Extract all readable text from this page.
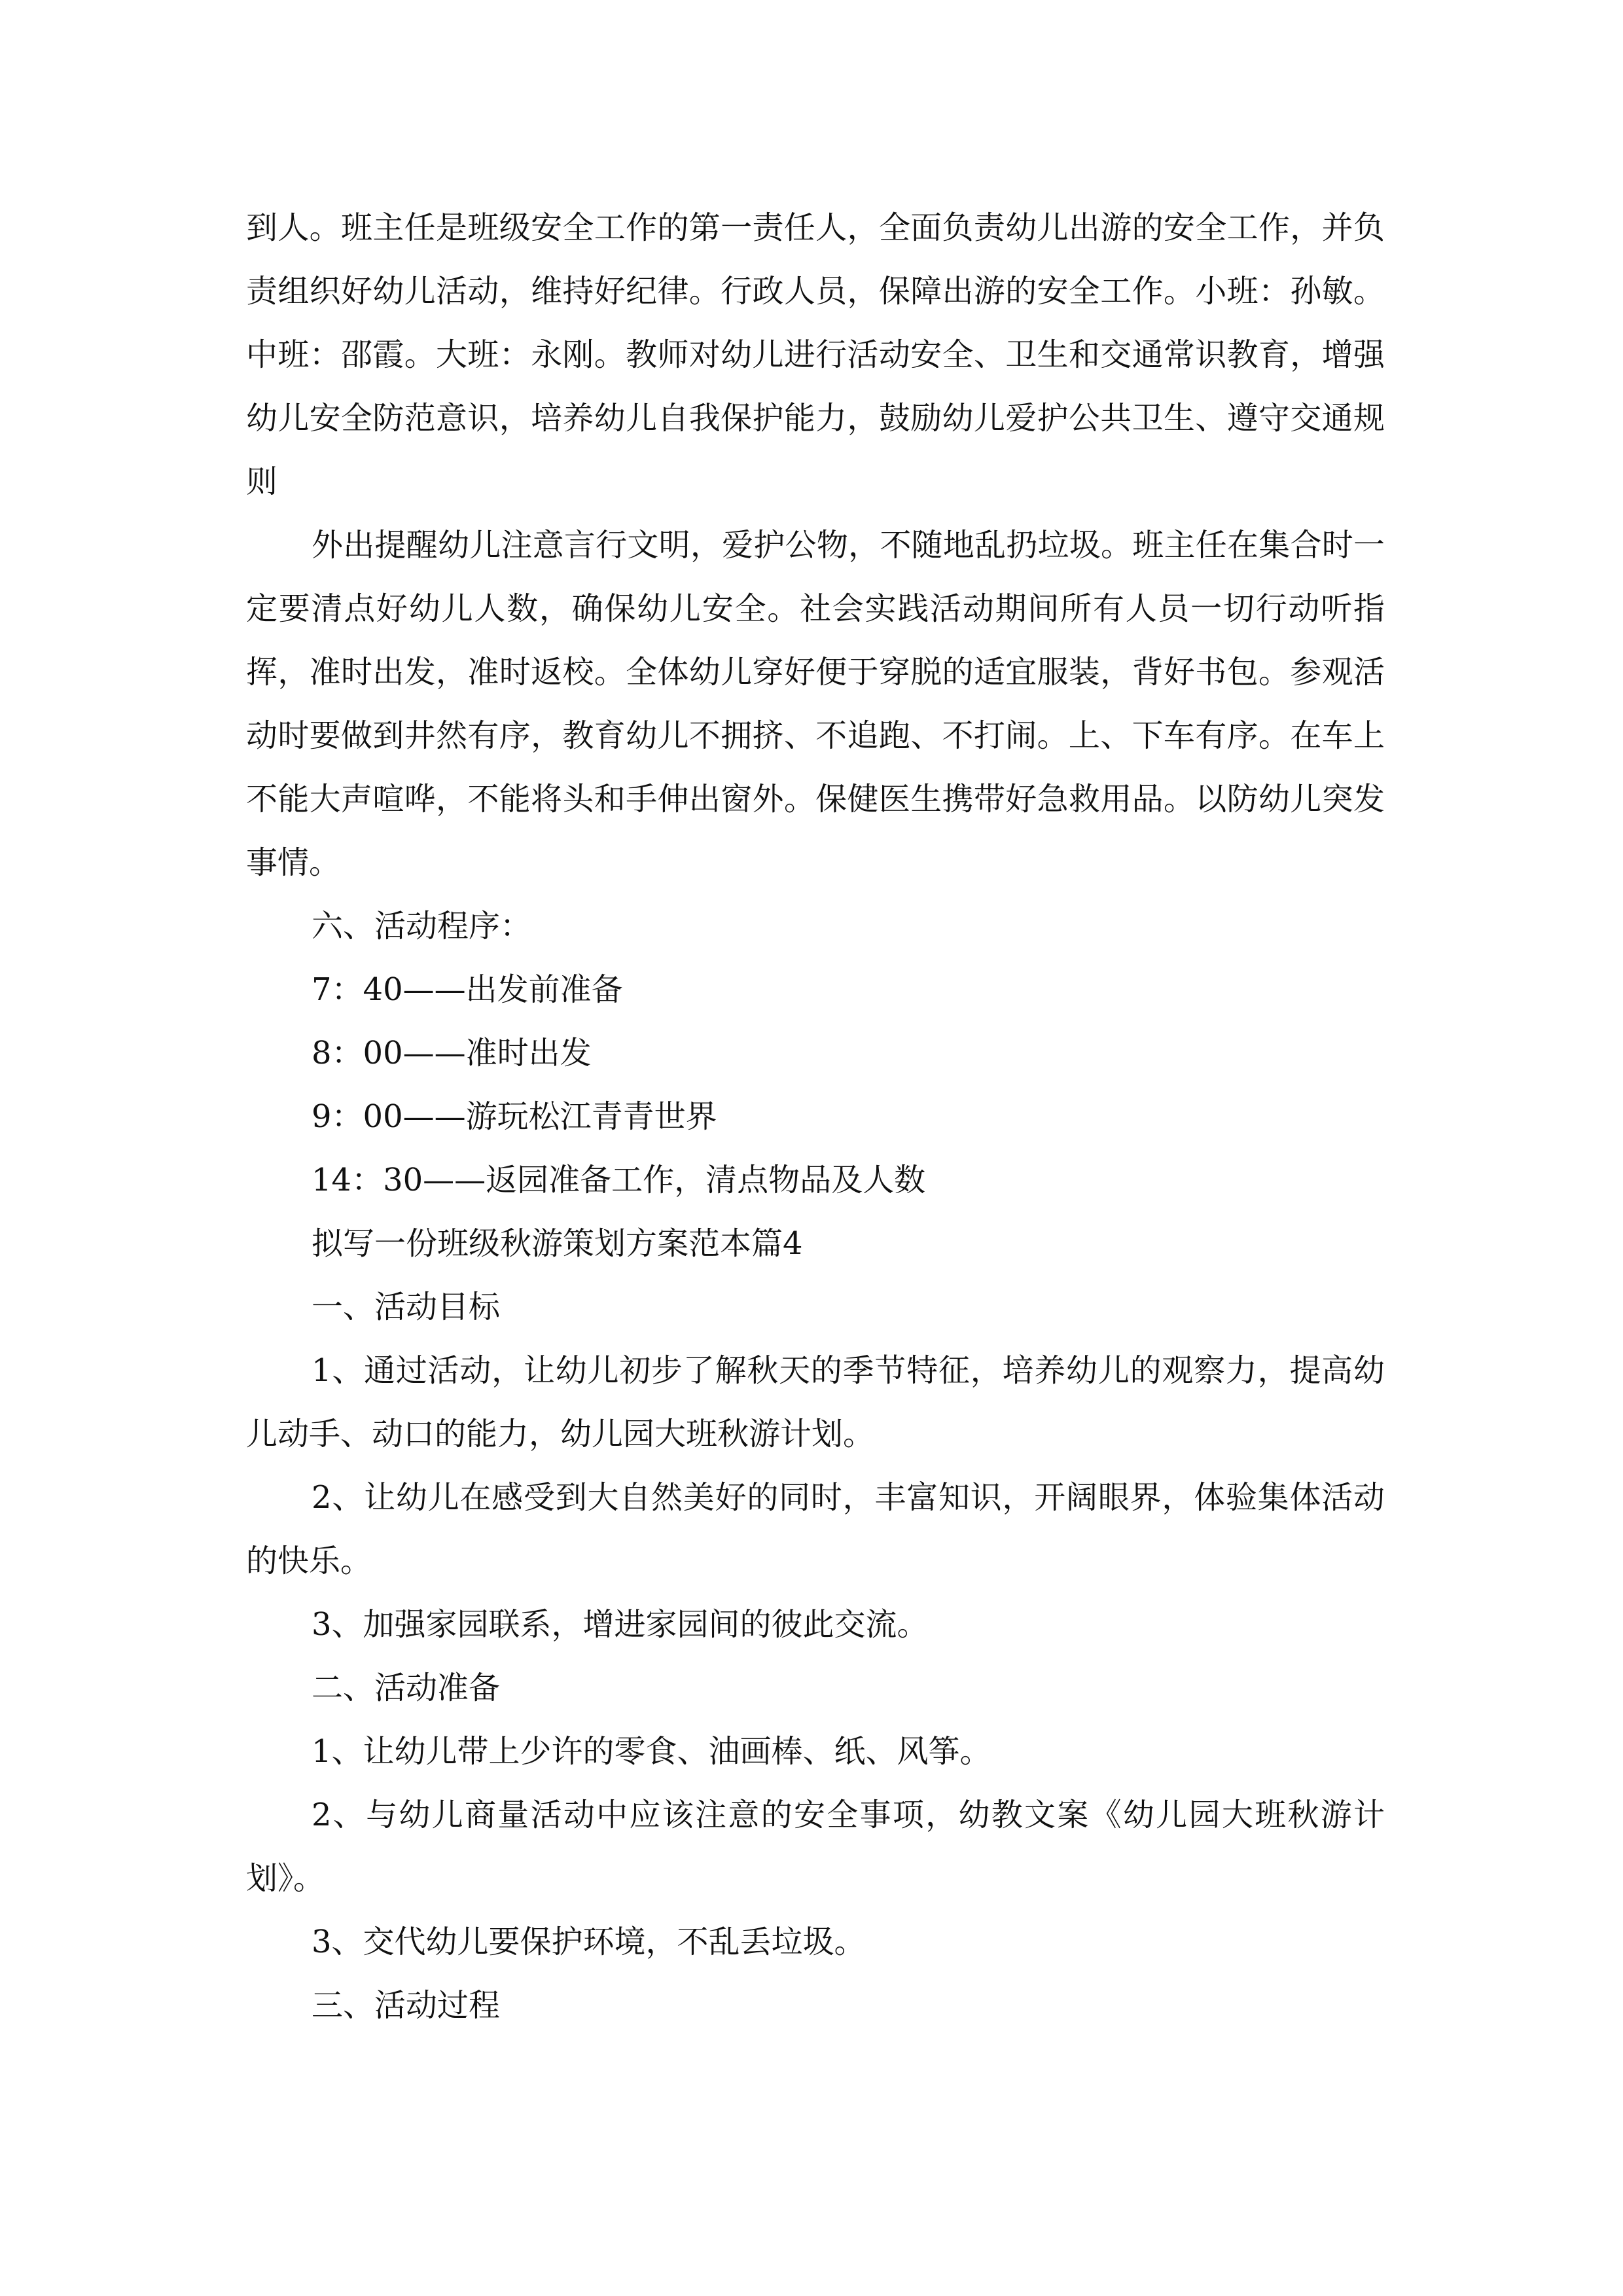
到人。班主任是班级安全工作的第一责任人，全面负责幼儿出游的安全工作，并负责组织好幼儿活动，维持好纪律。行政人员，保障出游的安全工作。小班：孙敏。中班：邵霞。大班：永刚。教师对幼儿进行活动安全、卫生和交通常识教育，增强幼儿安全防范意识，培养幼儿自我保护能力，鼓励幼儿爱护公共卫生、遵守交通规则

外出提醒幼儿注意言行文明，爱护公物，不随地乱扔垃圾。班主任在集合时一定要清点好幼儿人数，确保幼儿安全。社会实践活动期间所有人员一切行动听指挥，准时出发，准时返校。全体幼儿穿好便于穿脱的适宜服装，背好书包。参观活动时要做到井然有序，教育幼儿不拥挤、不追跑、不打闹。上、下车有序。在车上不能大声喧哗，不能将头和手伸出窗外。保健医生携带好急救用品。以防幼儿突发事情。

六、活动程序：

7：40——出发前准备

8：00——准时出发

9：00——游玩松江青青世界

14：30——返园准备工作，清点物品及人数

拟写一份班级秋游策划方案范本篇4

一、活动目标

1、通过活动，让幼儿初步了解秋天的季节特征，培养幼儿的观察力，提高幼儿动手、动口的能力，幼儿园大班秋游计划。

2、让幼儿在感受到大自然美好的同时，丰富知识，开阔眼界，体验集体活动的快乐。

3、加强家园联系，增进家园间的彼此交流。

二、活动准备

1、让幼儿带上少许的零食、油画棒、纸、风筝。

2、与幼儿商量活动中应该注意的安全事项，幼教文案《幼儿园大班秋游计划》。

3、交代幼儿要保护环境，不乱丢垃圾。

三、活动过程
